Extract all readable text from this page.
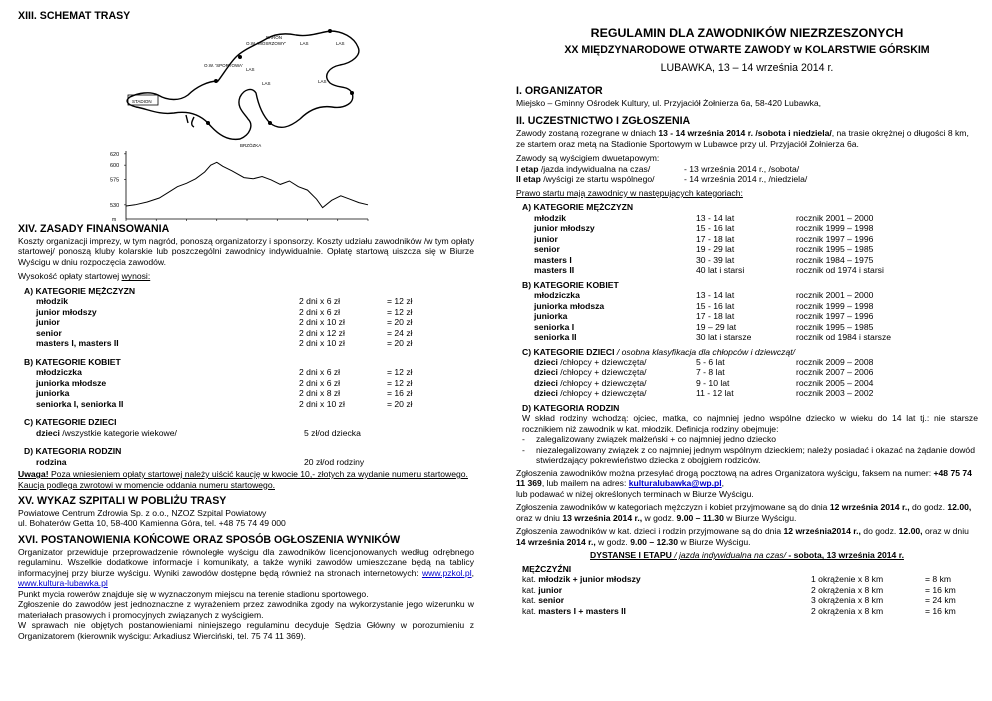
XIII. SCHEMAT TRASY
BARON
O.W. 'MOSRZOWY'
O.W. 'SPORTOWA'
LAS	LAS
LAS
LAS	LAS
STADION
BRZÓZKA
620
600
575
530
m
XIV. ZASADY FINANSOWANIA

Koszty organizacji imprezy, w tym nagród, ponoszą organizatorzy i sponsorzy. Koszty udziału zawodników /w tym opłaty startowej/ ponoszą kluby kolarskie lub poszczególni zawodnicy indywidualnie. Opłatę startową uiszcza się w Biurze Wyścigu w dniu rozpoczęcia zawodów.

Wysokość opłaty startowej wynosi:

A) KATEGORIE MĘŻCZYZN
młodzik	2 dni x 6 zł	= 12 zł
junior młodszy	2 dni x 6 zł	= 12 zł
junior	2 dni x 10 zł	= 20 zł
senior	2 dni x 12 zł	= 24 zł
masters I, masters II	2 dni x 10 zł	= 20 zł
B) KATEGORIE KOBIET
młodziczka	2 dni x 6 zł	= 12 zł
juniorka młodsze	2 dni x 6 zł	= 12 zł
juniorka	2 dni x 8 zł	= 16 zł
seniorka I, seniorka II	2 dni x 10 zł	= 20 zł
C) KATEGORIE DZIECI
dzieci /wszystkie kategorie wiekowe/	5 zł/od dziecka
D) KATEGORIA RODZIN
rodzina	20 zł/od rodziny

Uwaga! Poza wniesieniem opłaty startowej należy uiścić kaucję w kwocie 10,- złotych za wydanie numeru startowego. Kaucja podlega zwrotowi w momencie oddania numeru startowego.

XV. WYKAZ SZPITALI W POBLIŻU TRASY

Powiatowe Centrum Zdrowia Sp. z o.o., NZOZ Szpital Powiatowy

ul. Bohaterów Getta 10, 58-400 Kamienna Góra, tel. +48 75 74 49 000

XVI. POSTANOWIENIA KOŃCOWE ORAZ SPOSÓB OGŁOSZENIA WYNIKÓW

Organizator przewiduje przeprowadzenie równoległe wyścigu dla zawodników licencjonowanych według odrębnego regulaminu. Wszelkie dodatkowe informacje i komunikaty, a także wyniki zawodów umieszczane będą na tablicy informacyjnej przy biurze wyścigu. Wyniki zawodów dostępne będą również na stronach internetowych: www.pzkol.pl, www.kultura-lubawka.pl

Punkt mycia rowerów znajduje się w wyznaczonym miejscu na terenie stadionu sportowego.

Zgłoszenie do zawodów jest jednoznaczne z wyrażeniem przez zawodnika zgody na wykorzystanie jego wizerunku w materiałach prasowych i promocyjnych związanych z wyścigiem.

W sprawach nie objętych postanowieniami niniejszego regulaminu decyduje Sędzia Główny w porozumieniu z Organizatorem (kierownik wyścigu: Arkadiusz Wierciński, tel. 75 74 11 369).

REGULAMIN DLA ZAWODNIKÓW NIEZRZESZONYCH
XX MIĘDZYNARODOWE OTWARTE ZAWODY w KOLARSTWIE GÓRSKIM
LUBAWKA, 13 – 14 września 2014 r.
I. ORGANIZATOR

Miejsko – Gminny Ośrodek Kultury, ul. Przyjaciół Żołnierza 6a, 58-420 Lubawka,

II. UCZESTNICTWO I ZGŁOSZENIA

Zawody zostaną rozegrane w dniach 13 - 14 września 2014 r. /sobota i niedziela/, na trasie okrężnej o długości 8 km, ze startem oraz metą na Stadionie Sportowym w Lubawce przy ul. Przyjaciół Żołnierza 6a.

Zawody są wyścigiem dwuetapowym:

I etap /jazda indywidualna na czas/	- 13 września 2014 r., /sobota/
II etap /wyścigi ze startu wspólnego/	- 14 września 2014 r., /niedziela/

Prawo startu mają zawodnicy w następujących kategoriach:

A) KATEGORIE MĘŻCZYZN
młodzik	13 - 14 lat	rocznik 2001 – 2000
junior młodszy	15 - 16 lat	rocznik 1999 – 1998
junior	17 - 18 lat	rocznik 1997 – 1996
senior	19 - 29 lat	rocznik 1995 – 1985
masters I	30 - 39 lat	rocznik 1984 – 1975
masters II	40 lat i starsi	rocznik od 1974 i starsi
B) KATEGORIE KOBIET
młodziczka	13 - 14 lat	rocznik 2001 – 2000
juniorka młodsza	15 - 16 lat	rocznik 1999 – 1998
juniorka	17 - 18 lat	rocznik 1997 – 1996
seniorka I	19 – 29 lat	rocznik 1995 – 1985
seniorka II	30 lat i starsze	rocznik od 1984 i starsze
C) KATEGORIE DZIECI / osobna klasyfikacja dla chłopców i dziewcząt/
dzieci /chłopcy + dziewczęta/	5 - 6 lat	rocznik 2009 – 2008
dzieci /chłopcy + dziewczęta/	7 - 8 lat	rocznik 2007 – 2006
dzieci /chłopcy + dziewczęta/	9 - 10 lat	rocznik 2005 – 2004
dzieci /chłopcy + dziewczęta/	11 - 12 lat	rocznik 2003 – 2002
D) KATEGORIA RODZIN

W skład rodziny wchodzą: ojciec, matka, co najmniej jedno wspólne dziecko w wieku do 14 lat tj.: nie starsze rocznikiem niż zawodnik w kat. młodzik. Definicja rodziny obejmuje:

-	zalegalizowany związek małżeński + co najmniej jedno dziecko
-	niezalegalizowany związek z co najmniej jednym wspólnym dzieckiem; należy posiadać i okazać na żądanie dowód stwierdzający pokrewieństwo dziecka z obojgiem rodziców.

Zgłoszenia zawodników można przesyłać drogą pocztową na adres Organizatora wyścigu, faksem na numer: +48 75 74 11 369, lub mailem na adres: kulturalubawka@wp.pl,

lub podawać w niżej określonych terminach w Biurze Wyścigu.

Zgłoszenia zawodników w kategoriach mężczyzn i kobiet przyjmowane są do dnia 12 września 2014 r., do godz. 12.00, oraz w dniu 13 września 2014 r., w godz. 9.00 – 11.30 w Biurze Wyścigu.

Zgłoszenia zawodników w kat. dzieci i rodzin przyjmowane są do dnia 12 września2014 r., do godz. 12.00, oraz w dniu 14 września 2014 r., w godz. 9.00 – 12.30 w Biurze Wyścigu.

DYSTANSE I ETAPU / jazda indywidualna na czas/ - sobota, 13 września 2014 r.
MĘŻCZYŹNI
kat. młodzik + junior młodszy	1 okrążenie x 8 km	= 8 km
kat. junior	2 okrążenia x 8 km	= 16 km
kat. senior	3 okrążenia x 8 km	= 24 km
kat. masters I + masters II	2 okrążenia x 8 km	= 16 km
